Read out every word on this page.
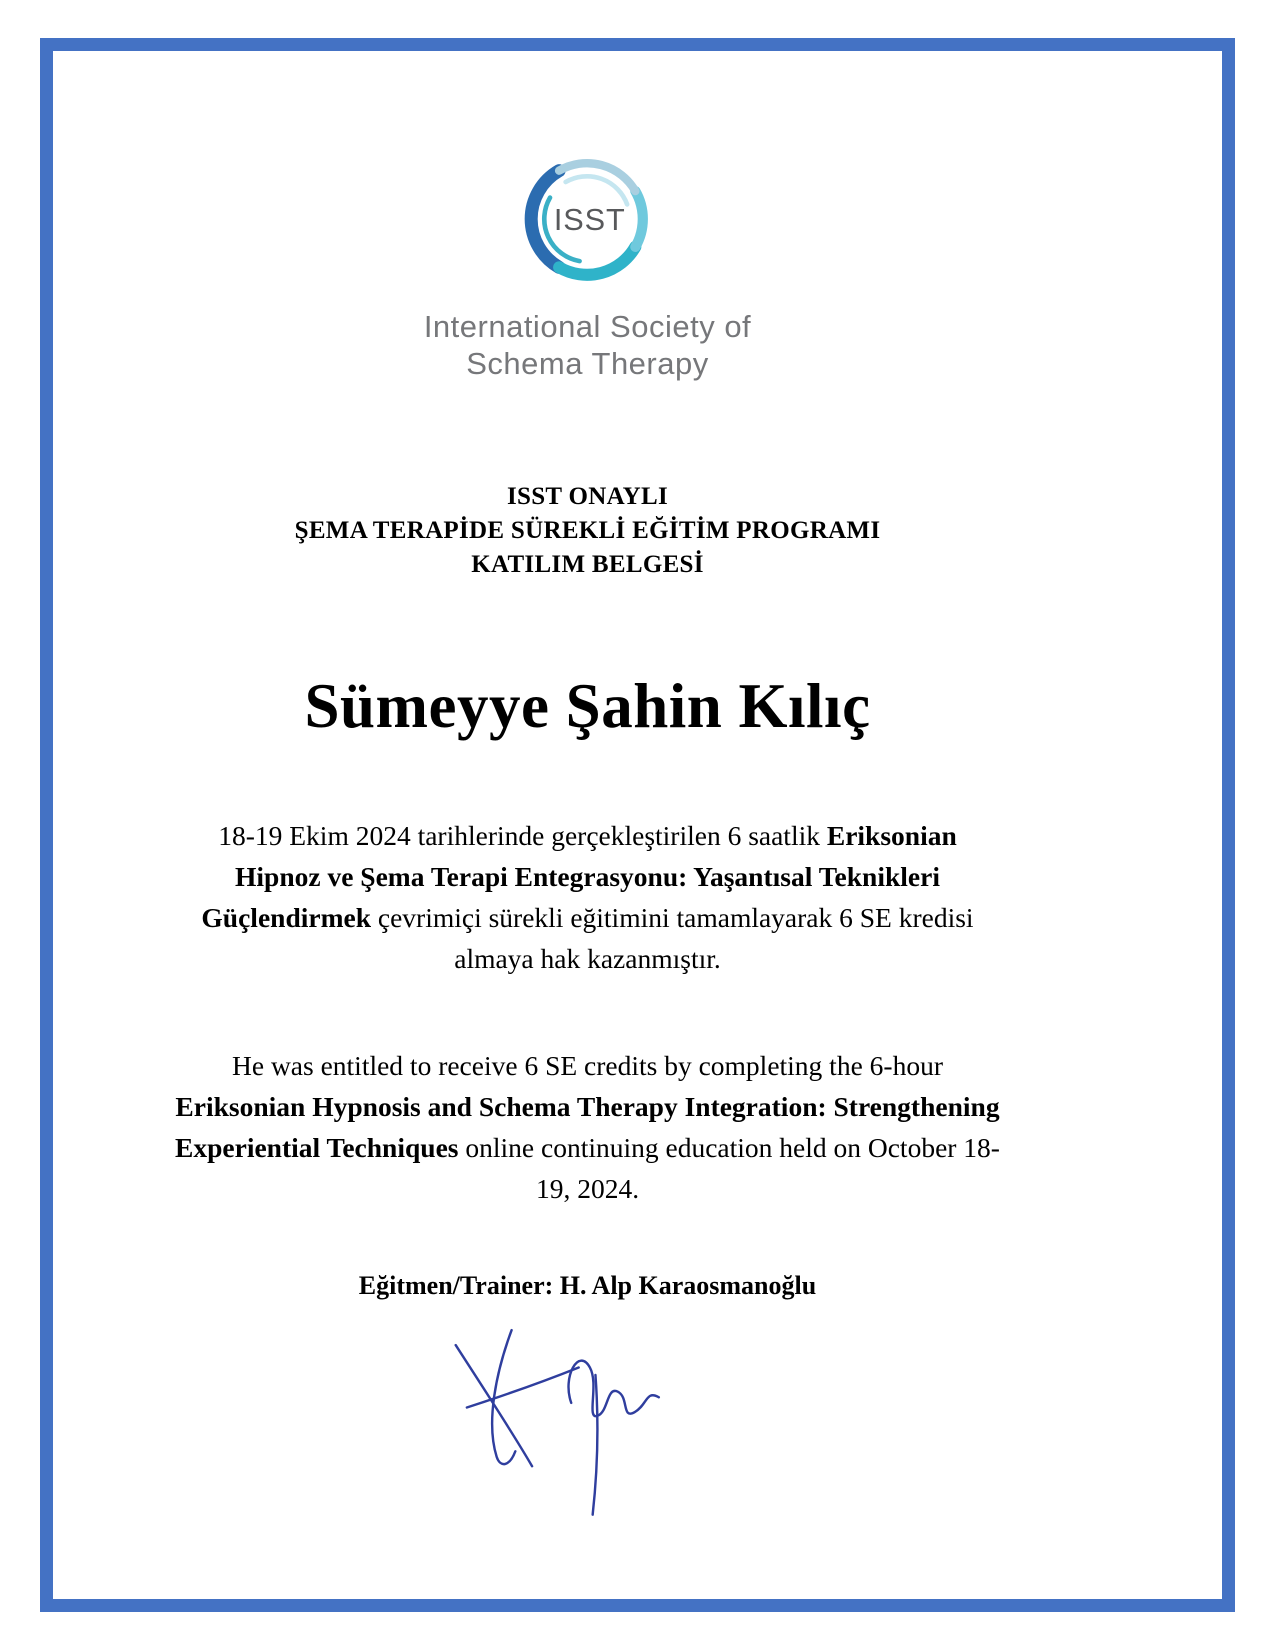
ISST
International Society of
Schema Therapy
ISST ONAYLI
ŞEMA TERAPİDE SÜREKLİ EĞİTİM PROGRAMI
KATILIM BELGESİ
Sümeyye Şahin Kılıç

18-19 Ekim 2024 tarihlerinde gerçekleştirilen 6 saatlik Eriksonian Hipnoz ve Şema Terapi Entegrasyonu: Yaşantısal Teknikleri Güçlendirmek çevrimiçi sürekli eğitimini tamamlayarak 6 SE kredisi almaya hak kazanmıştır.

He was entitled to receive 6 SE credits by completing the 6-hour Eriksonian Hypnosis and Schema Therapy Integration: Strengthening Experiential Techniques online continuing education held on October 18-19, 2024.

Eğitmen/Trainer: H. Alp Karaosmanoğlu
